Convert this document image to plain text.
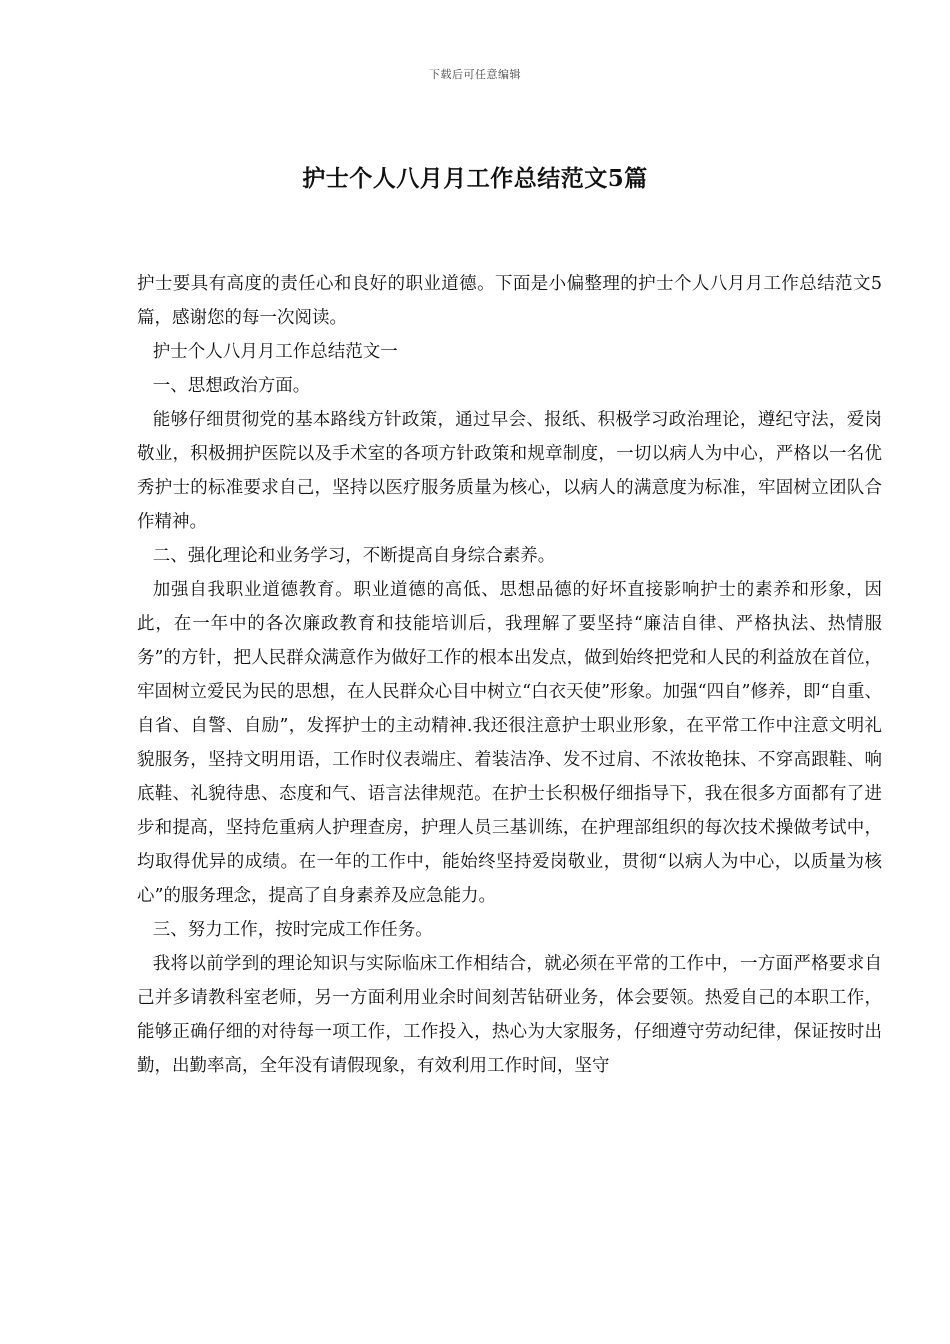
下载后可任意编辑
护士个人八月月工作总结范文5篇

护士要具有高度的责任心和良好的职业道德。下面是小偏整理的护士个人八月月工作总结范文5篇，感谢您的每一次阅读。

护士个人八月月工作总结范文一

一、思想政治方面。

能够仔细贯彻党的基本路线方针政策，通过早会、报纸、积极学习政治理论，遵纪守法，爱岗敬业，积极拥护医院以及手术室的各项方针政策和规章制度，一切以病人为中心，严格以一名优秀护士的标准要求自己，坚持以医疗服务质量为核心，以病人的满意度为标准，牢固树立团队合作精神。

二、强化理论和业务学习，不断提高自身综合素养。

加强自我职业道德教育。职业道德的高低、思想品德的好坏直接影响护士的素养和形象，因此，在一年中的各次廉政教育和技能培训后，我理解了要坚持“廉洁自律、严格执法、热情服务”的方针，把人民群众满意作为做好工作的根本出发点，做到始终把党和人民的利益放在首位，牢固树立爱民为民的思想，在人民群众心目中树立“白衣天使”形象。加强“四自”修养，即“自重、自省、自警、自励”，发挥护士的主动精神.我还很注意护士职业形象，在平常工作中注意文明礼貌服务，坚持文明用语，工作时仪表端庄、着装洁净、发不过肩、不浓妆艳抹、不穿高跟鞋、响底鞋、礼貌待患、态度和气、语言法律规范。在护士长积极仔细指导下，我在很多方面都有了进步和提高，坚持危重病人护理查房，护理人员三基训练，在护理部组织的每次技术操做考试中，均取得优异的成绩。在一年的工作中，能始终坚持爱岗敬业，贯彻“以病人为中心，以质量为核心”的服务理念，提高了自身素养及应急能力。

三、努力工作，按时完成工作任务。

我将以前学到的理论知识与实际临床工作相结合，就必须在平常的工作中，一方面严格要求自己并多请教科室老师，另一方面利用业余时间刻苦钻研业务，体会要领。热爱自己的本职工作，能够正确仔细的对待每一项工作，工作投入，热心为大家服务，仔细遵守劳动纪律，保证按时出勤，出勤率高，全年没有请假现象，有效利用工作时间，坚守
